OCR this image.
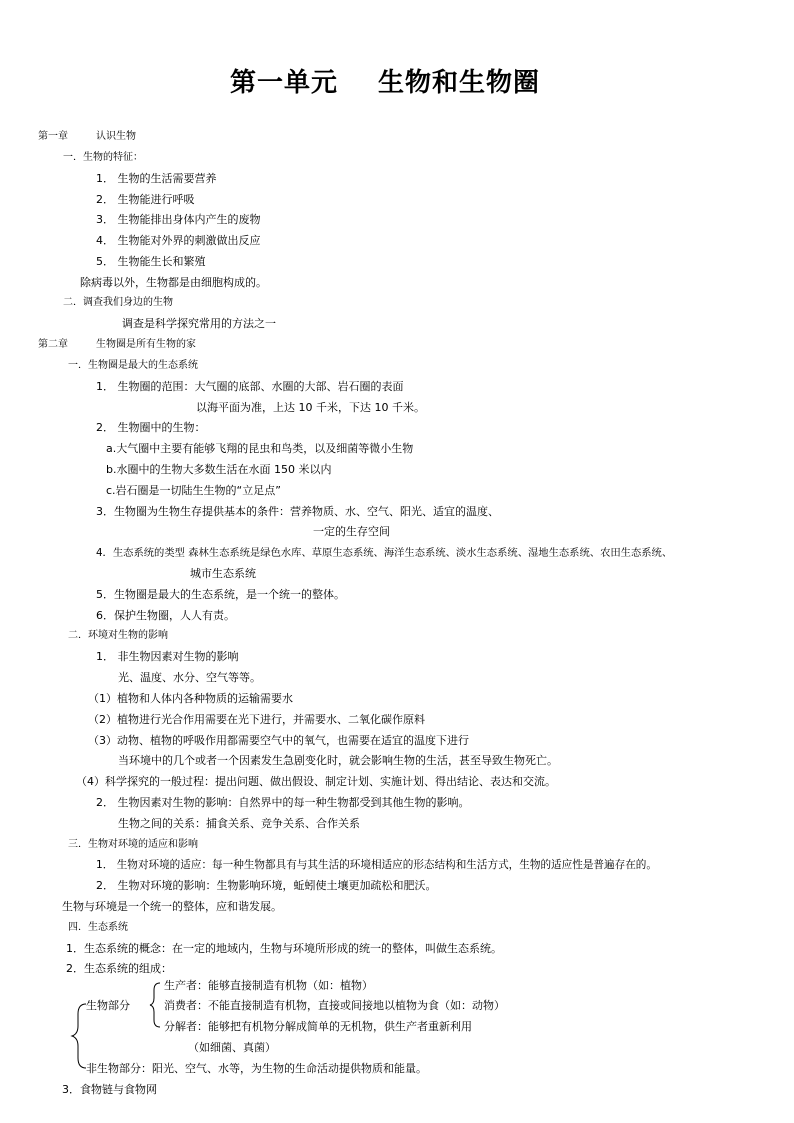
第一单元 生物和生物圈
第一章	认识生物
一．生物的特征：
1． 生物的生活需要营养
2． 生物能进行呼吸
3． 生物能排出身体内产生的废物
4． 生物能对外界的刺激做出反应
5． 生物能生长和繁殖
除病毒以外，生物都是由细胞构成的。
二．调查我们身边的生物
调查是科学探究常用的方法之一
第二章	生物圈是所有生物的家
一．生物圈是最大的生态系统
1． 生物圈的范围：大气圈的底部、水圈的大部、岩石圈的表面
以海平面为准，上达 10 千米，下达 10 千米。
2． 生物圈中的生物：
a.大气圈中主要有能够飞翔的昆虫和鸟类，以及细菌等微小生物
b.水圈中的生物大多数生活在水面 150 米以内
c.岩石圈是一切陆生生物的“立足点”
3．生物圈为生物生存提供基本的条件：营养物质、水、空气、阳光、适宜的温度、
一定的生存空间
4．生态系统的类型 森林生态系统是绿色水库、草原生态系统、海洋生态系统、淡水生态系统、湿地生态系统、农田生态系统、
城市生态系统
5．生物圈是最大的生态系统，是一个统一的整体。
6．保护生物圈，人人有责。
二．环境对生物的影响
1． 非生物因素对生物的影响
光、温度、水分、空气等等。
（1）植物和人体内各种物质的运输需要水
（2）植物进行光合作用需要在光下进行，并需要水、二氧化碳作原料
（3）动物、植物的呼吸作用都需要空气中的氧气，也需要在适宜的温度下进行
当环境中的几个或者一个因素发生急剧变化时，就会影响生物的生活，甚至导致生物死亡。
（4）科学探究的一般过程：提出问题、做出假设、制定计划、实施计划、得出结论、表达和交流。
2． 生物因素对生物的影响：自然界中的每一种生物都受到其他生物的影响。
生物之间的关系：捕食关系、竞争关系、合作关系
三．生物对环境的适应和影响
1． 生物对环境的适应：每一种生物都具有与其生活的环境相适应的形态结构和生活方式，生物的适应性是普遍存在的。
2． 生物对环境的影响：生物影响环境，蚯蚓使土壤更加疏松和肥沃。
生物与环境是一个统一的整体，应和谐发展。
四．生态系统
1．生态系统的概念：在一定的地域内，生物与环境所形成的统一的整体，叫做生态系统。
2．生态系统的组成：
生产者：能够直接制造有机物（如：植物）
生物部分	消费者：不能直接制造有机物，直接或间接地以植物为食（如：动物）
分解者：能够把有机物分解成简单的无机物，供生产者重新利用
（如细菌、真菌）
非生物部分：阳光、空气、水等，为生物的生命活动提供物质和能量。
3．食物链与食物网
